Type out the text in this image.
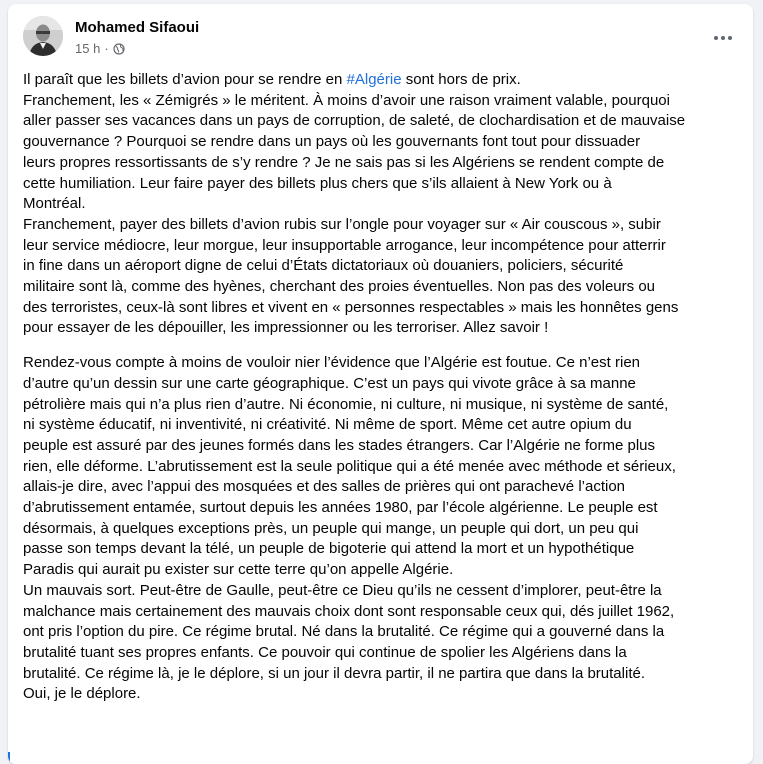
Mohamed Sifaoui
15 h ·
Il paraît que les billets d’avion pour se rendre en #Algérie sont hors de prix.
Franchement, les « Zémigrés » le méritent. À moins d’avoir une raison vraiment valable, pourquoi
aller passer ses vacances dans un pays de corruption, de saleté, de clochardisation et de mauvaise
gouvernance ? Pourquoi se rendre dans un pays où les gouvernants font tout pour dissuader
leurs propres ressortissants de s’y rendre ? Je ne sais pas si les Algériens se rendent compte de
cette humiliation. Leur faire payer des billets plus chers que s’ils allaient à New York ou à
Montréal.
Franchement, payer des billets d’avion rubis sur l’ongle pour voyager sur « Air couscous », subir
leur service médiocre, leur morgue, leur insupportable arrogance, leur incompétence pour atterrir
in fine dans un aéroport digne de celui d’États dictatoriaux où douaniers, policiers, sécurité
militaire sont là, comme des hyènes, cherchant des proies éventuelles. Non pas des voleurs ou
des terroristes, ceux-là sont libres et vivent en « personnes respectables » mais les honnêtes gens
pour essayer de les dépouiller, les impressionner ou les terroriser. Allez savoir !
Rendez-vous compte à moins de vouloir nier l’évidence que l’Algérie est foutue. Ce n’est rien
d’autre qu’un dessin sur une carte géographique. C’est un pays qui vivote grâce à sa manne
pétrolière mais qui n’a plus rien d’autre. Ni économie, ni culture, ni musique, ni système de santé,
ni système éducatif, ni inventivité, ni créativité. Ni même de sport. Même cet autre opium du
peuple est assuré par des jeunes formés dans les stades étrangers. Car l’Algérie ne forme plus
rien, elle déforme. L’abrutissement est la seule politique qui a été menée avec méthode et sérieux,
allais-je dire, avec l’appui des mosquées et des salles de prières qui ont parachevé l’action
d’abrutissement entamée, surtout depuis les années 1980, par l’école algérienne. Le peuple est
désormais, à quelques exceptions près, un peuple qui mange, un peuple qui dort, un peu qui
passe son temps devant la télé, un peuple de bigoterie qui attend la mort et un hypothétique
Paradis qui aurait pu exister sur cette terre qu’on appelle Algérie.
Un mauvais sort. Peut-être de Gaulle, peut-être ce Dieu qu’ils ne cessent d’implorer, peut-être la
malchance mais certainement des mauvais choix dont sont responsable ceux qui, dés juillet 1962,
ont pris l’option du pire. Ce régime brutal. Né dans la brutalité. Ce régime qui a gouverné dans la
brutalité tuant ses propres enfants. Ce pouvoir qui continue de spolier les Algériens dans la
brutalité. Ce régime là, je le déplore, si un jour il devra partir, il ne partira que dans la brutalité.
Oui, je le déplore.
